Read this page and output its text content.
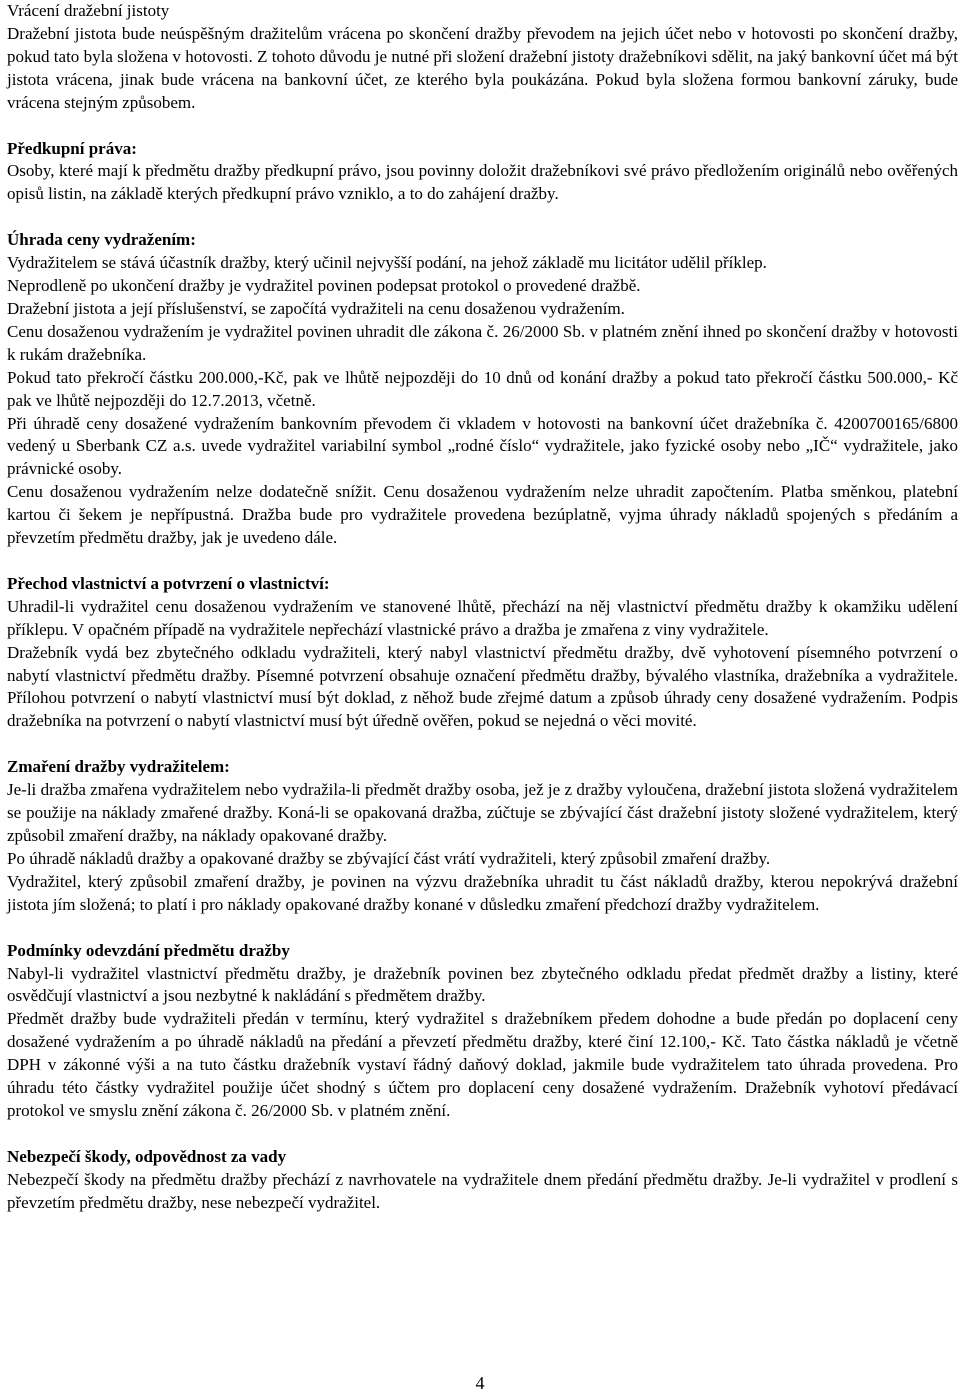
Vrácení dražební jistoty

Dražební jistota bude neúspěšným dražitelům vrácena po skončení dražby převodem na jejich účet nebo v hotovosti po skončení dražby, pokud tato byla složena v hotovosti. Z tohoto důvodu je nutné při složení dražební jistoty dražebníkovi sdělit, na jaký bankovní účet má být jistota vrácena, jinak bude vrácena na bankovní účet, ze kterého byla poukázána. Pokud byla složena formou bankovní záruky, bude vrácena stejným způsobem.

Předkupní práva:

Osoby, které mají k předmětu dražby předkupní právo, jsou povinny doložit dražebníkovi své právo předložením originálů nebo ověřených opisů listin, na základě kterých předkupní právo vzniklo, a to do zahájení dražby.

Úhrada ceny vydražením:

Vydražitelem se stává účastník dražby, který učinil nejvyšší podání, na jehož základě mu licitátor udělil příklep.

Neprodleně po ukončení dražby je vydražitel povinen podepsat protokol o provedené dražbě.

Dražební jistota a její příslušenství, se započítá vydražiteli na cenu dosaženou vydražením.

Cenu dosaženou vydražením je vydražitel povinen uhradit dle zákona č. 26/2000 Sb. v platném znění ihned po skončení dražby v hotovosti k rukám dražebníka.

Pokud tato překročí částku 200.000,-Kč, pak ve lhůtě nejpozději do 10 dnů od konání dražby a pokud tato překročí částku 500.000,- Kč pak ve lhůtě nejpozději do 12.7.2013, včetně.

Při úhradě ceny dosažené vydražením bankovním převodem či vkladem v hotovosti na bankovní účet dražebníka č. 4200700165/6800 vedený u Sberbank CZ a.s. uvede vydražitel variabilní symbol „rodné číslo“ vydražitele, jako fyzické osoby nebo „IČ“ vydražitele, jako právnické osoby.

Cenu dosaženou vydražením nelze dodatečně snížit. Cenu dosaženou vydražením nelze uhradit započtením. Platba směnkou, platební kartou či šekem je nepřípustná. Dražba bude pro vydražitele provedena bezúplatně, vyjma úhrady nákladů spojených s předáním a převzetím předmětu dražby, jak je uvedeno dále.

Přechod vlastnictví a potvrzení o vlastnictví:

Uhradil-li vydražitel cenu dosaženou vydražením ve stanovené lhůtě, přechází na něj vlastnictví předmětu dražby k okamžiku udělení příklepu. V opačném případě na vydražitele nepřechází vlastnické právo a dražba je zmařena z viny vydražitele.

Dražebník vydá bez zbytečného odkladu vydražiteli, který nabyl vlastnictví předmětu dražby, dvě vyhotovení písemného potvrzení o nabytí vlastnictví předmětu dražby. Písemné potvrzení obsahuje označení předmětu dražby, bývalého vlastníka, dražebníka a vydražitele. Přílohou potvrzení o nabytí vlastnictví musí být doklad, z něhož bude zřejmé datum a způsob úhrady ceny dosažené vydražením. Podpis dražebníka na potvrzení o nabytí vlastnictví musí být úředně ověřen, pokud se nejedná o věci movité.

Zmaření dražby vydražitelem:

Je-li dražba zmařena vydražitelem nebo vydražila-li předmět dražby osoba, jež je z dražby vyloučena, dražební jistota složená vydražitelem se použije na náklady zmařené dražby. Koná-li se opakovaná dražba, zúčtuje se zbývající část dražební jistoty složené vydražitelem, který způsobil zmaření dražby, na náklady opakované dražby.

Po úhradě nákladů dražby a opakované dražby se zbývající část vrátí vydražiteli, který způsobil zmaření dražby.

Vydražitel, který způsobil zmaření dražby, je povinen na výzvu dražebníka uhradit tu část nákladů dražby, kterou nepokrývá dražební jistota jím složená; to platí i pro náklady opakované dražby konané v důsledku zmaření předchozí dražby vydražitelem.

Podmínky odevzdání předmětu dražby

Nabyl-li vydražitel vlastnictví předmětu dražby, je dražebník povinen bez zbytečného odkladu předat předmět dražby a listiny, které osvědčují vlastnictví a jsou nezbytné k nakládání s předmětem dražby.

Předmět dražby bude vydražiteli předán v termínu, který vydražitel s dražebníkem předem dohodne a bude předán po doplacení ceny dosažené vydražením a po úhradě nákladů na předání a převzetí předmětu dražby, které činí 12.100,- Kč. Tato částka nákladů je včetně DPH v zákonné výši a na tuto částku dražebník vystaví řádný daňový doklad, jakmile bude vydražitelem tato úhrada provedena. Pro úhradu této částky vydražitel použije účet shodný s účtem pro doplacení ceny dosažené vydražením. Dražebník vyhotoví předávací protokol ve smyslu znění zákona č. 26/2000 Sb. v platném znění.

Nebezpečí škody, odpovědnost za vady

Nebezpečí škody na předmětu dražby přechází z navrhovatele na vydražitele dnem předání předmětu dražby. Je-li vydražitel v prodlení s převzetím předmětu dražby, nese nebezpečí vydražitel.

4
